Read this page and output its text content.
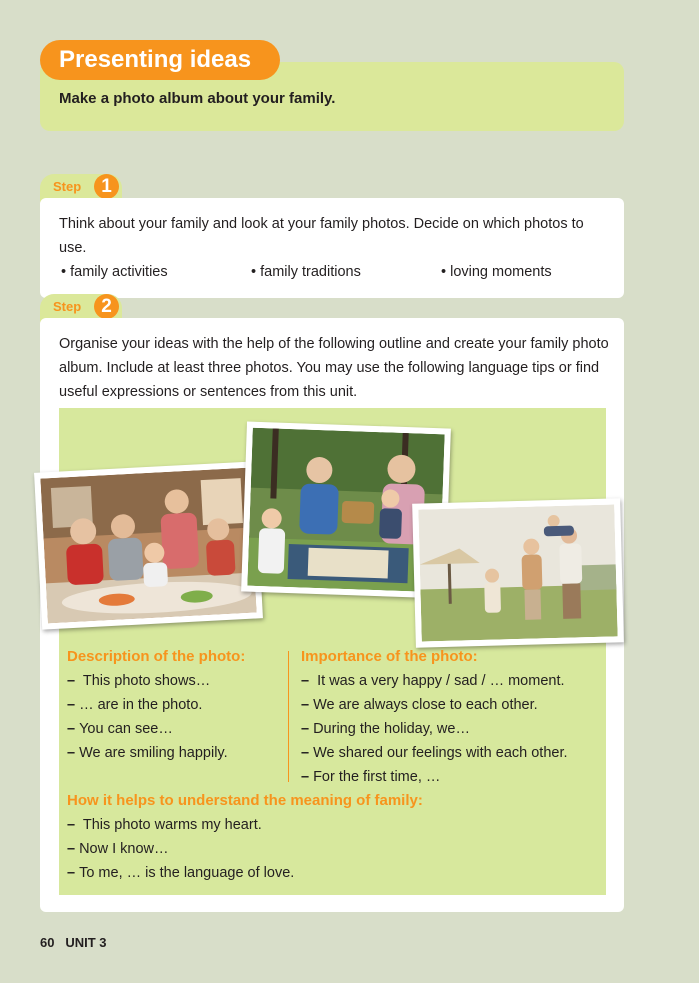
Presenting ideas
Make a photo album about your family.
Step	1
Think about your family and look at your family photos. Decide on which photos to use.
• family activities	• family traditions	• loving moments
Step	2
Organise your ideas with the help of the following outline and create your family photo album. Include at least three photos. You may use the following language tips or find useful expressions or sentences from this unit.
Description of the photo:
– This photo shows…
– … are in the photo.
– You can see…
– We are smiling happily.
Importance of the photo:
– It was a very happy / sad / … moment.
– We are always close to each other.
– During the holiday, we…
– We shared our feelings with each other.
– For the first time, …
How it helps to understand the meaning of family:
– This photo warms my heart.
– Now I know…
– To me, … is the language of love.
60 UNIT 3
